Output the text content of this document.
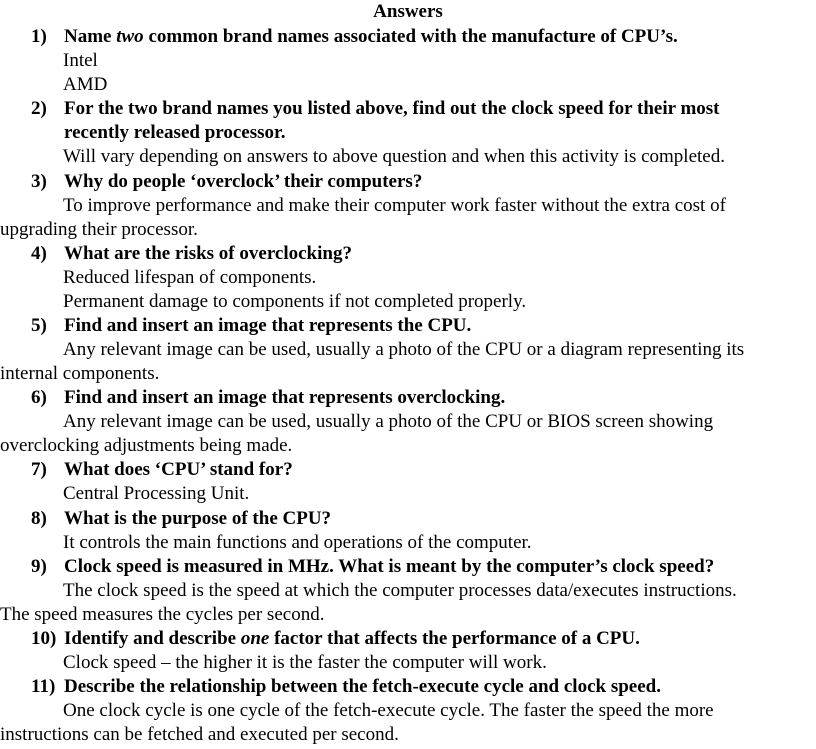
Answers
1) Name two common brand names associated with the manufacture of CPU’s.
Intel
AMD
2) For the two brand names you listed above, find out the clock speed for their most
recently released processor.
Will vary depending on answers to above question and when this activity is completed.
3) Why do people ‘overclock’ their computers?
To improve performance and make their computer work faster without the extra cost of
upgrading their processor.
4) What are the risks of overclocking?
Reduced lifespan of components.
Permanent damage to components if not completed properly.
5) Find and insert an image that represents the CPU.
Any relevant image can be used, usually a photo of the CPU or a diagram representing its
internal components.
6) Find and insert an image that represents overclocking.
Any relevant image can be used, usually a photo of the CPU or BIOS screen showing
overclocking adjustments being made.
7) What does ‘CPU’ stand for?
Central Processing Unit.
8) What is the purpose of the CPU?
It controls the main functions and operations of the computer.
9) Clock speed is measured in MHz. What is meant by the computer’s clock speed?
The clock speed is the speed at which the computer processes data/executes instructions.
The speed measures the cycles per second.
10) Identify and describe one factor that affects the performance of a CPU.
Clock speed – the higher it is the faster the computer will work.
11) Describe the relationship between the fetch-execute cycle and clock speed.
One clock cycle is one cycle of the fetch-execute cycle. The faster the speed the more
instructions can be fetched and executed per second.
